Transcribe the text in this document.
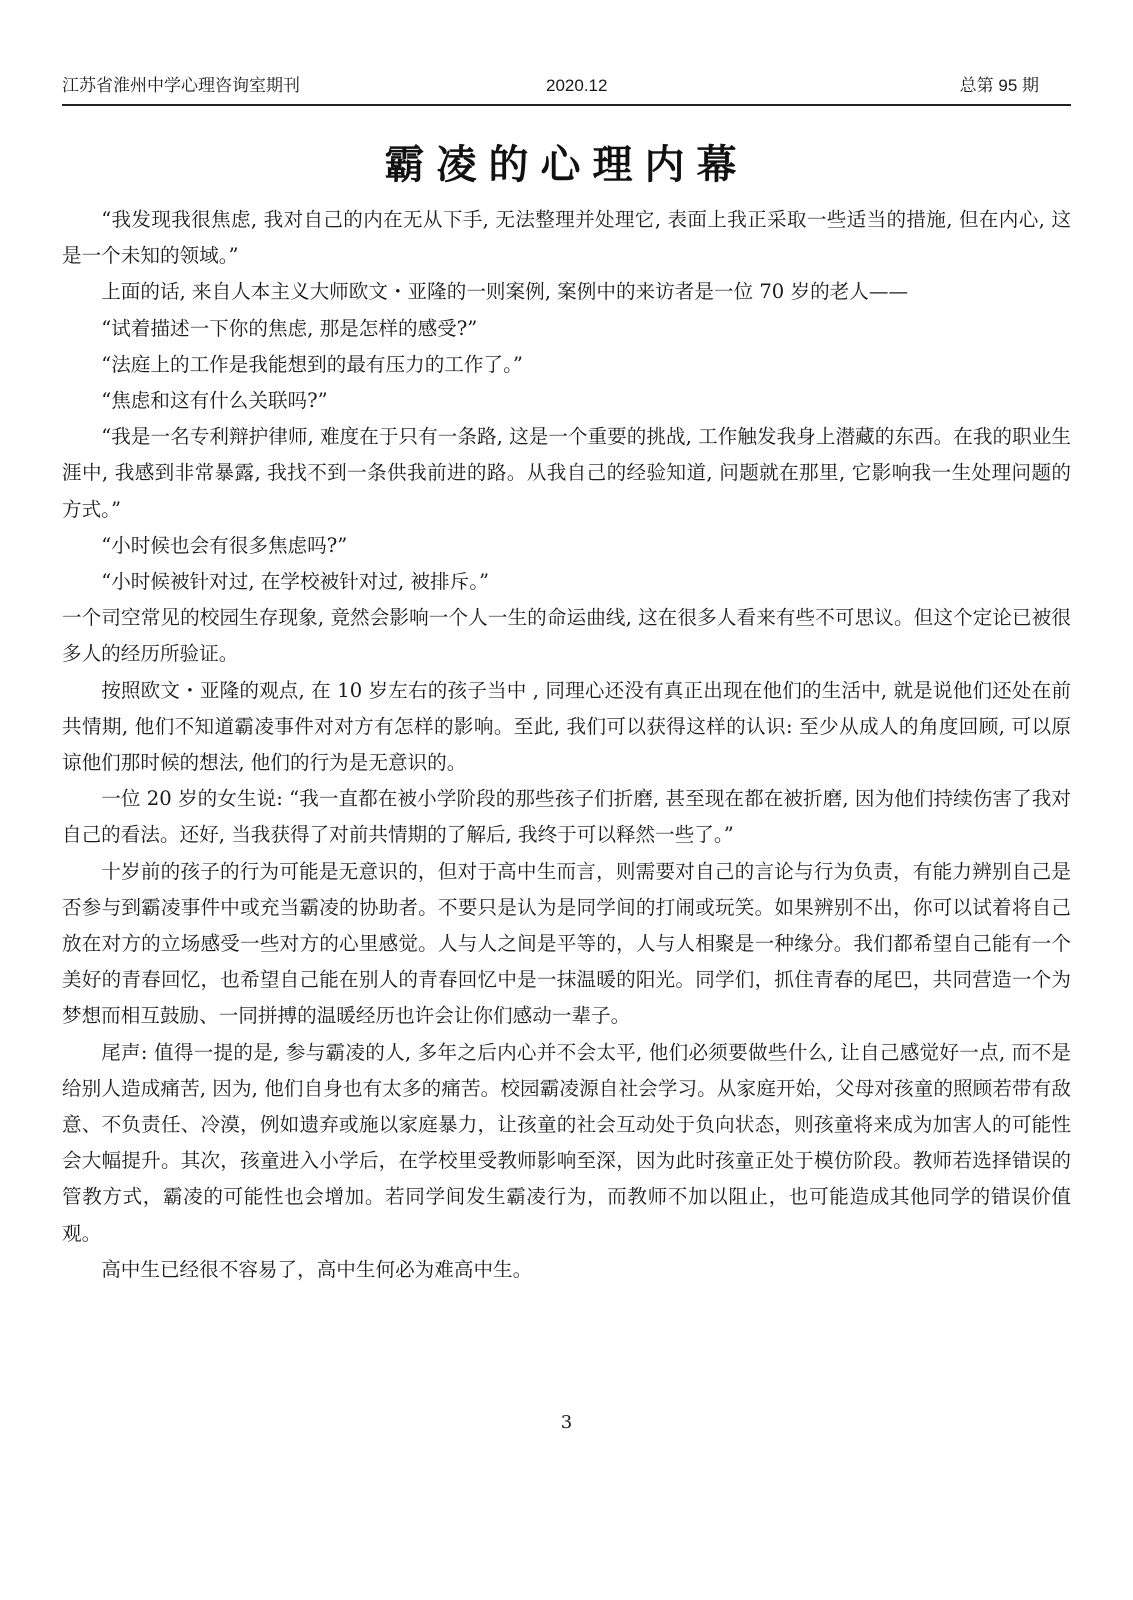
江苏省淮州中学心理咨询室期刊	2020.12	总第 95 期
霸凌的心理内幕

“我发现我很焦虑, 我对自己的内在无从下手, 无法整理并处理它, 表面上我正采取一些适当的措施, 但在内心, 这是一个未知的领域。”

上面的话, 来自人本主义大师欧文・亚隆的一则案例, 案例中的来访者是一位 70 岁的老人——

“试着描述一下你的焦虑, 那是怎样的感受?”

“法庭上的工作是我能想到的最有压力的工作了。”

“焦虑和这有什么关联吗?”

“我是一名专利辩护律师, 难度在于只有一条路, 这是一个重要的挑战, 工作触发我身上潜藏的东西。在我的职业生涯中, 我感到非常暴露, 我找不到一条供我前进的路。从我自己的经验知道, 问题就在那里, 它影响我一生处理问题的方式。”

“小时候也会有很多焦虑吗?”

“小时候被针对过, 在学校被针对过, 被排斥。”

一个司空常见的校园生存现象, 竟然会影响一个人一生的命运曲线, 这在很多人看来有些不可思议。但这个定论已被很多人的经历所验证。

按照欧文・亚隆的观点, 在 10 岁左右的孩子当中 , 同理心还没有真正出现在他们的生活中, 就是说他们还处在前共情期, 他们不知道霸凌事件对对方有怎样的影响。至此, 我们可以获得这样的认识: 至少从成人的角度回顾, 可以原谅他们那时候的想法, 他们的行为是无意识的。

一位 20 岁的女生说: “我一直都在被小学阶段的那些孩子们折磨, 甚至现在都在被折磨, 因为他们持续伤害了我对自己的看法。还好, 当我获得了对前共情期的了解后, 我终于可以释然一些了。”

十岁前的孩子的行为可能是无意识的，但对于高中生而言，则需要对自己的言论与行为负责，有能力辨别自己是否参与到霸凌事件中或充当霸凌的协助者。不要只是认为是同学间的打闹或玩笑。如果辨别不出，你可以试着将自己放在对方的立场感受一些对方的心里感觉。人与人之间是平等的，人与人相聚是一种缘分。我们都希望自己能有一个美好的青春回忆，也希望自己能在别人的青春回忆中是一抹温暖的阳光。同学们，抓住青春的尾巴，共同营造一个为梦想而相互鼓励、一同拼搏的温暖经历也许会让你们感动一辈子。

尾声: 值得一提的是, 参与霸凌的人, 多年之后内心并不会太平, 他们必须要做些什么, 让自己感觉好一点, 而不是给别人造成痛苦, 因为, 他们自身也有太多的痛苦。校园霸凌源自社会学习。从家庭开始，父母对孩童的照顾若带有敌意、不负责任、冷漠，例如遗弃或施以家庭暴力，让孩童的社会互动处于负向状态，则孩童将来成为加害人的可能性会大幅提升。其次，孩童进入小学后，在学校里受教师影响至深，因为此时孩童正处于模仿阶段。教师若选择错误的管教方式，霸凌的可能性也会增加。若同学间发生霸凌行为，而教师不加以阻止，也可能造成其他同学的错误价值观。

高中生已经很不容易了，高中生何必为难高中生。

3
